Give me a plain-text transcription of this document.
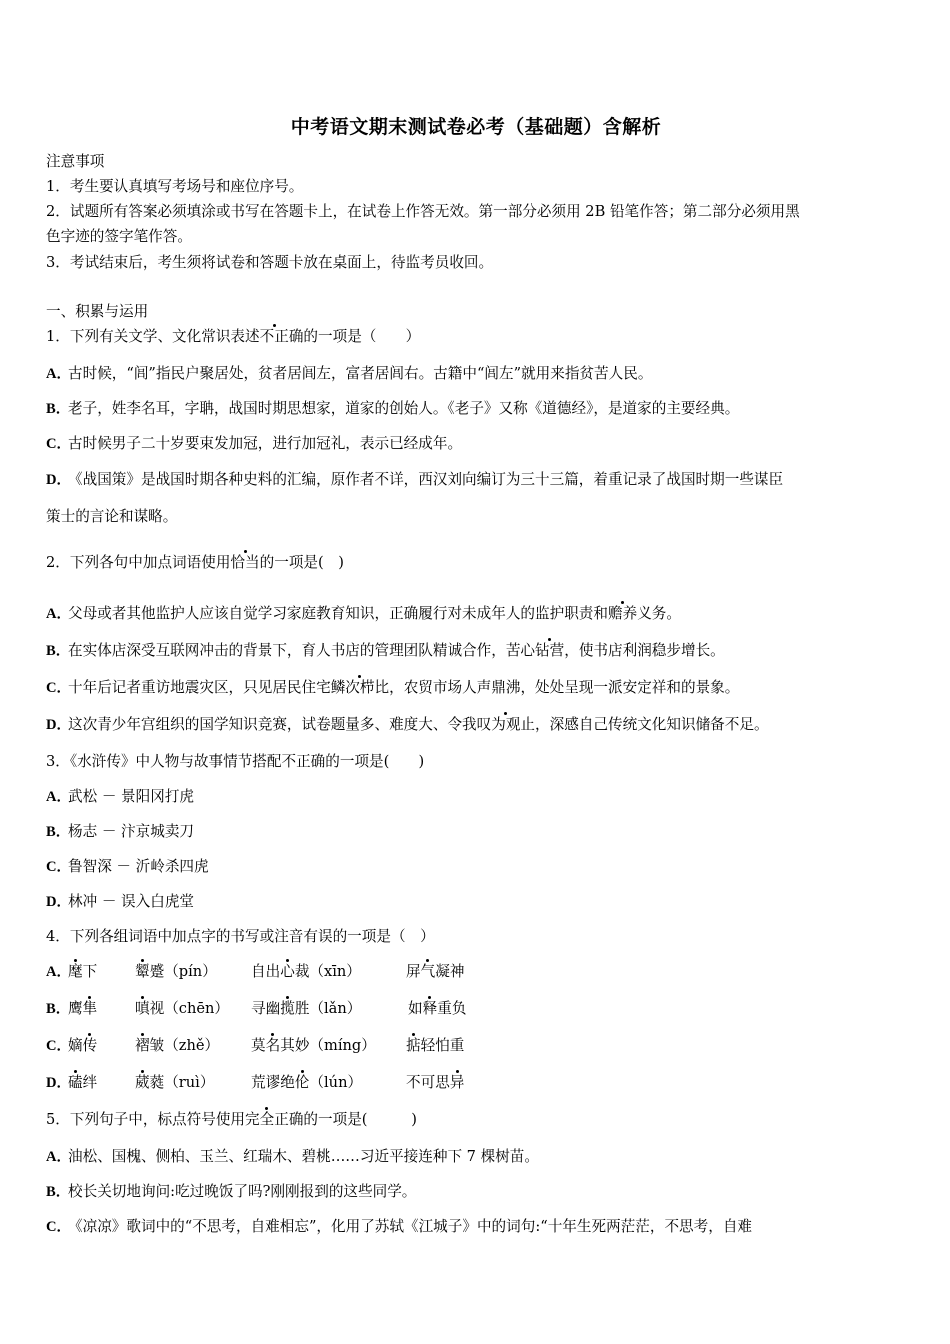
中考语文期末测试卷必考（基础题）含解析
注意事项
1．考生要认真填写考场号和座位序号。
2．试题所有答案必须填涂或书写在答题卡上，在试卷上作答无效。第一部分必须用 2B 铅笔作答；第二部分必须用黑
色字迹的签字笔作答。
3．考试结束后，考生须将试卷和答题卡放在桌面上，待监考员收回。
一、积累与运用
1．下列有关文学、文化常识表述不正确的一项是（　　）
A．古时候，“闾”指民户聚居处，贫者居闾左，富者居闾右。古籍中“闾左”就用来指贫苦人民。
B．老子，姓李名耳，字聃，战国时期思想家，道家的创始人。《老子》又称《道德经》，是道家的主要经典。
C．古时候男子二十岁要束发加冠，进行加冠礼，表示已经成年。
D．《战国策》是战国时期各种史料的汇编，原作者不详，西汉刘向编订为三十三篇，着重记录了战国时期一些谋臣
策士的言论和谋略。
2．下列各句中加点词语使用恰当的一项是(　)
A．父母或者其他监护人应该自觉学习家庭教育知识，正确履行对未成年人的监护职责和赡养义务。
B．在实体店深受互联网冲击的背景下，育人书店的管理团队精诚合作，苦心钻营，使书店利润稳步增长。
C．十年后记者重访地震灾区，只见居民住宅鳞次栉比，农贸市场人声鼎沸，处处呈现一派安定祥和的景象。
D．这次青少年宫组织的国学知识竞赛，试卷题量多、难度大、令我叹为观止，深感自己传统文化知识储备不足。
3．《水浒传》中人物与故事情节搭配不正确的一项是(　　)
A．武松 － 景阳冈打虎
B．杨志 － 汴京城卖刀
C．鲁智深 － 沂岭杀四虎
D．林冲 － 误入白虎堂
4．下列各组词语中加点字的书写或注音有误的一项是（　）
A．麾下	颦蹙（pín） 自出心裁（xīn）	屏气凝神
B．鹰隼	嗔视（chēn） 寻幽揽胜（lǎn）	如释重负
C．嫡传	褶皱（zhě） 莫名其妙（míng） 掂轻怕重
D．磕绊	葳蕤（ruì）	荒谬绝伦（lún）	不可思异
5．下列句子中，标点符号使用完全正确的一项是(　　　)
A．油松、国槐、侧柏、玉兰、红瑞木、碧桃……习近平接连种下 7 棵树苗。
B．校长关切地询问:吃过晚饭了吗?刚刚报到的这些同学。
C．《凉凉》歌词中的“不思考，自难相忘”，化用了苏轼《江城子》中的词句:“十年生死两茫茫，不思考，自难
